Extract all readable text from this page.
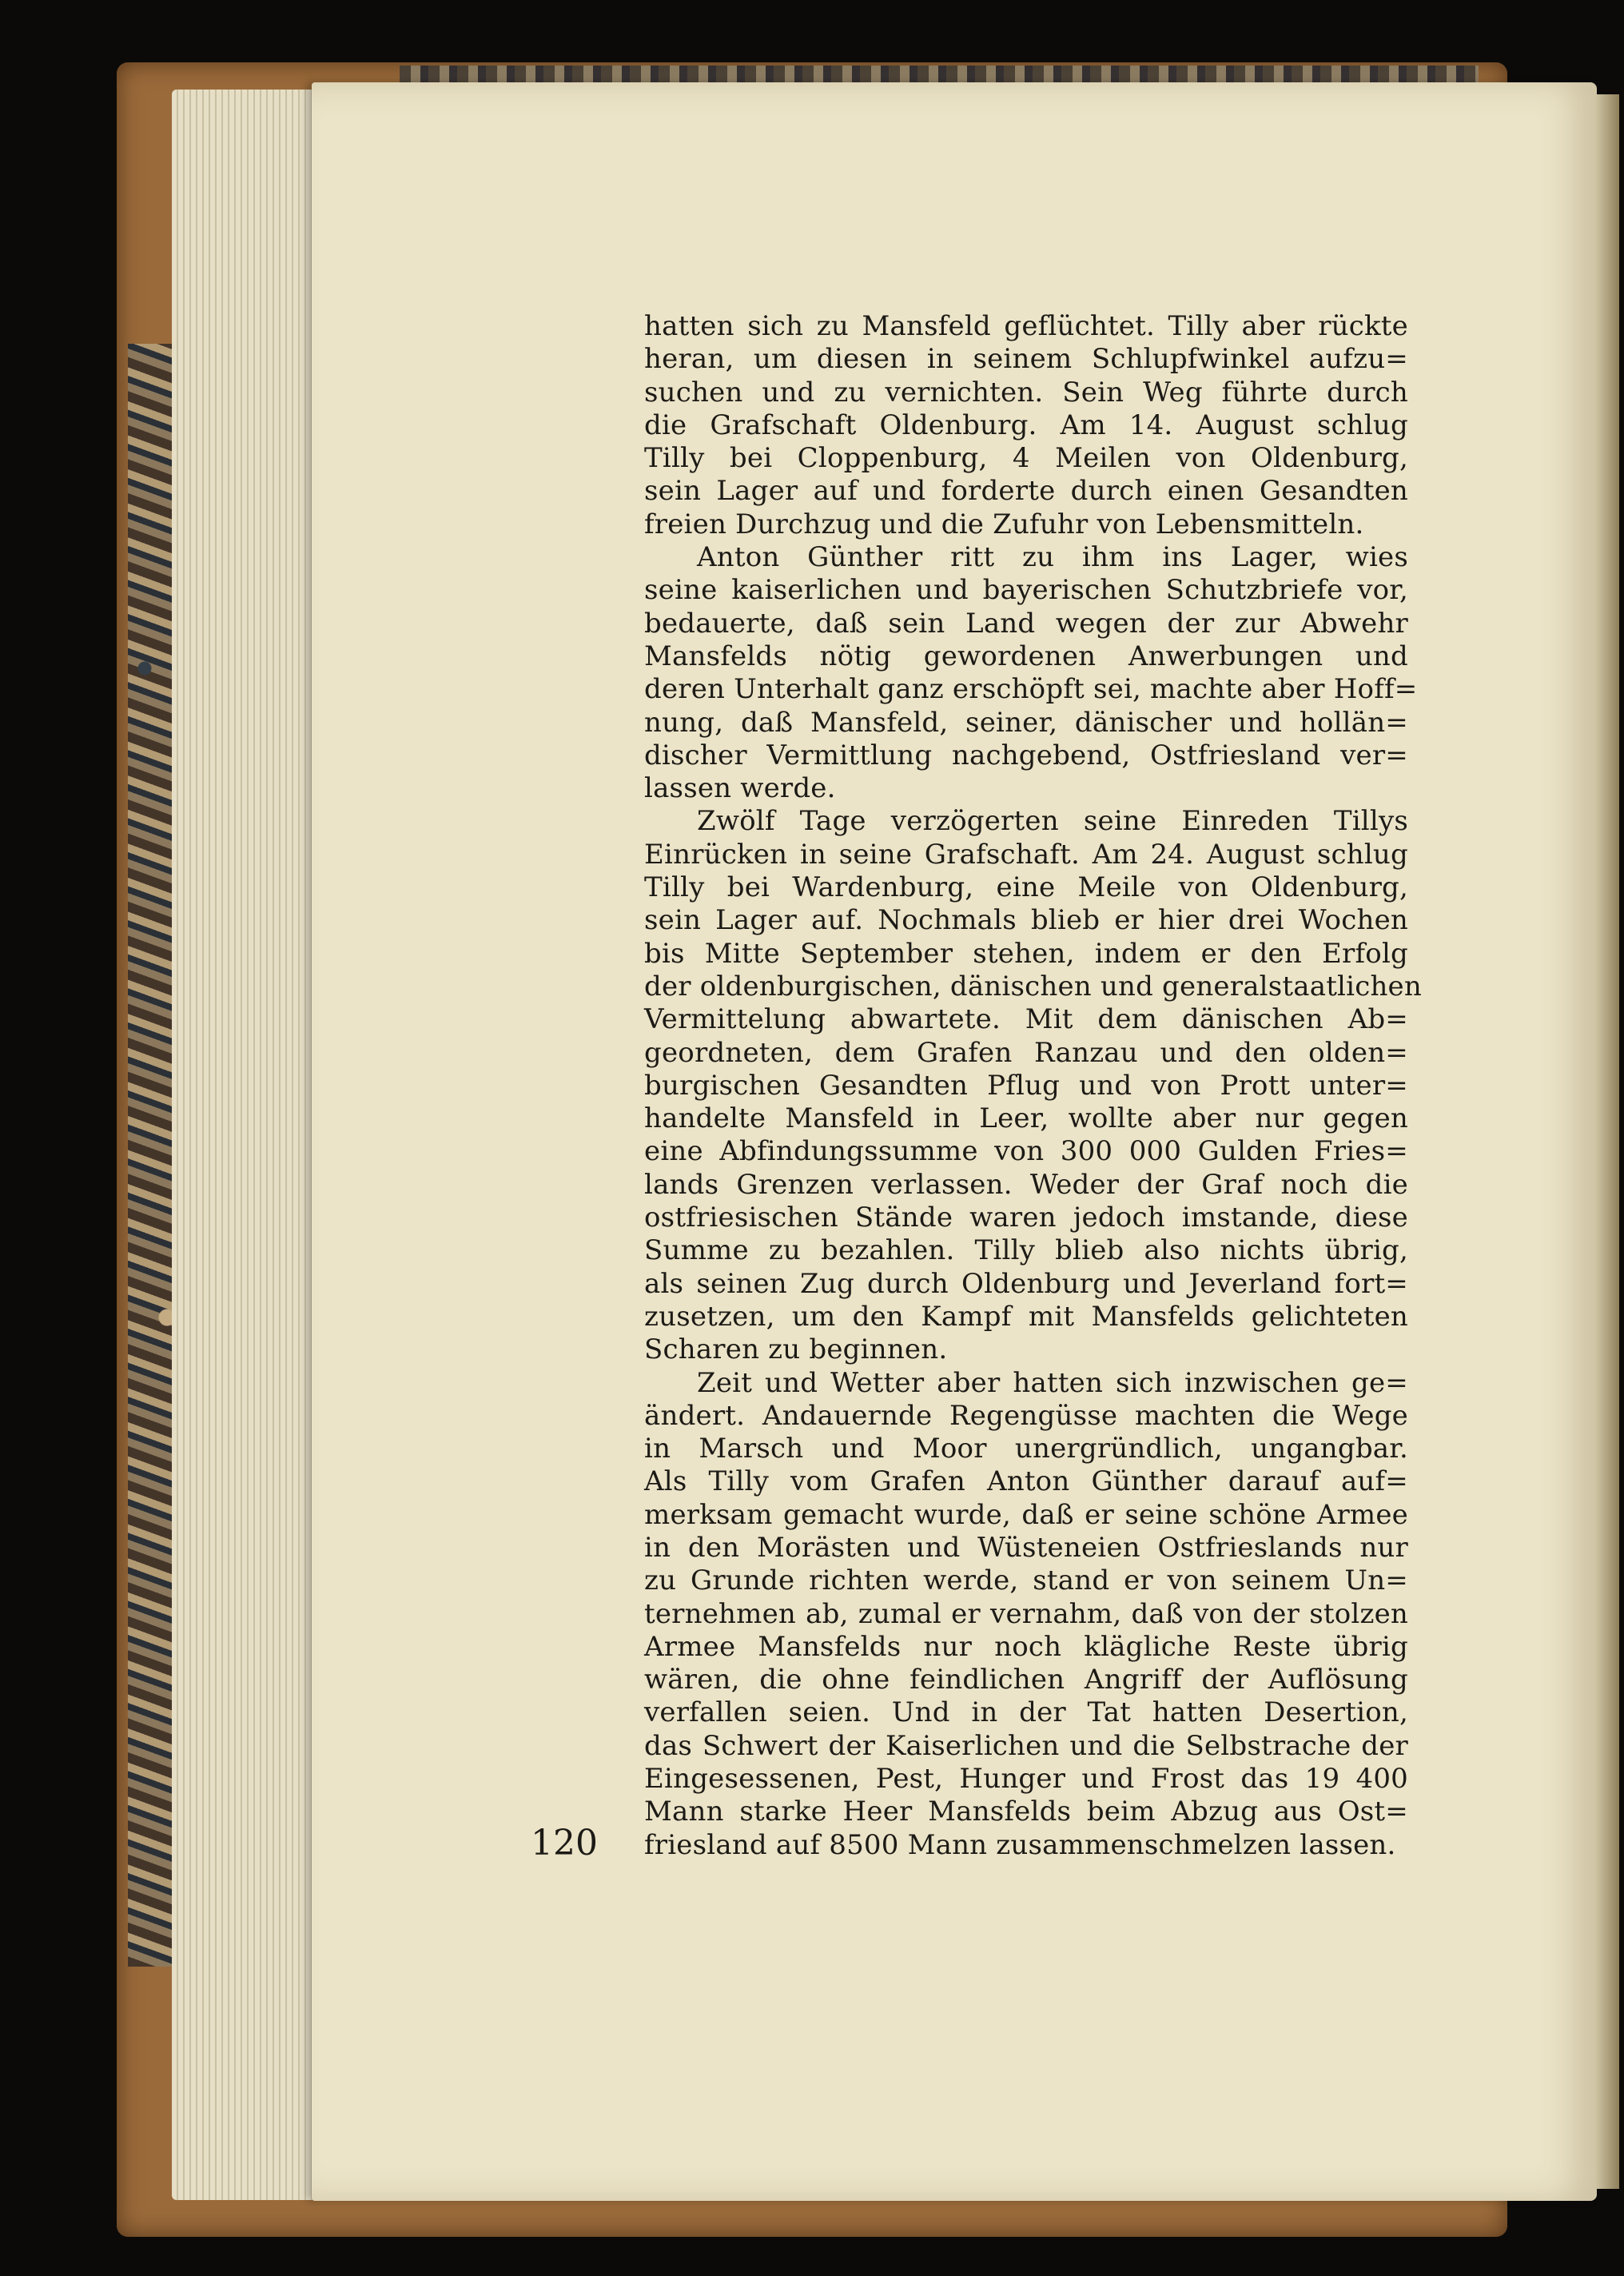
hatten sich zu Mansfeld geflüchtet. Tilly aber rückte
heran, um diesen in seinem Schlupfwinkel aufzu=
suchen und zu vernichten. Sein Weg führte durch
die Grafschaft Oldenburg. Am 14. August schlug
Tilly bei Cloppenburg, 4 Meilen von Oldenburg,
sein Lager auf und forderte durch einen Gesandten
freien Durchzug und die Zufuhr von Lebensmitteln.
Anton Günther ritt zu ihm ins Lager, wies
seine kaiserlichen und bayerischen Schutzbriefe vor,
bedauerte, daß sein Land wegen der zur Abwehr
Mansfelds nötig gewordenen Anwerbungen und
deren Unterhalt ganz erschöpft sei, machte aber Hoff=
nung, daß Mansfeld, seiner, dänischer und hollän=
discher Vermittlung nachgebend, Ostfriesland ver=
lassen werde.
Zwölf Tage verzögerten seine Einreden Tillys
Einrücken in seine Grafschaft. Am 24. August schlug
Tilly bei Wardenburg, eine Meile von Oldenburg,
sein Lager auf. Nochmals blieb er hier drei Wochen
bis Mitte September stehen, indem er den Erfolg
der oldenburgischen, dänischen und generalstaatlichen
Vermittelung abwartete. Mit dem dänischen Ab=
geordneten, dem Grafen Ranzau und den olden=
burgischen Gesandten Pflug und von Prott unter=
handelte Mansfeld in Leer, wollte aber nur gegen
eine Abfindungssumme von 300 000 Gulden Fries=
lands Grenzen verlassen. Weder der Graf noch die
ostfriesischen Stände waren jedoch imstande, diese
Summe zu bezahlen. Tilly blieb also nichts übrig,
als seinen Zug durch Oldenburg und Jeverland fort=
zusetzen, um den Kampf mit Mansfelds gelichteten
Scharen zu beginnen.
Zeit und Wetter aber hatten sich inzwischen ge=
ändert. Andauernde Regengüsse machten die Wege
in Marsch und Moor unergründlich, ungangbar.
Als Tilly vom Grafen Anton Günther darauf auf=
merksam gemacht wurde, daß er seine schöne Armee
in den Morästen und Wüsteneien Ostfrieslands nur
zu Grunde richten werde, stand er von seinem Un=
ternehmen ab, zumal er vernahm, daß von der stolzen
Armee Mansfelds nur noch klägliche Reste übrig
wären, die ohne feindlichen Angriff der Auflösung
verfallen seien. Und in der Tat hatten Desertion,
das Schwert der Kaiserlichen und die Selbstrache der
Eingesessenen, Pest, Hunger und Frost das 19 400
Mann starke Heer Mansfelds beim Abzug aus Ost=
friesland auf 8500 Mann zusammenschmelzen lassen.
120
